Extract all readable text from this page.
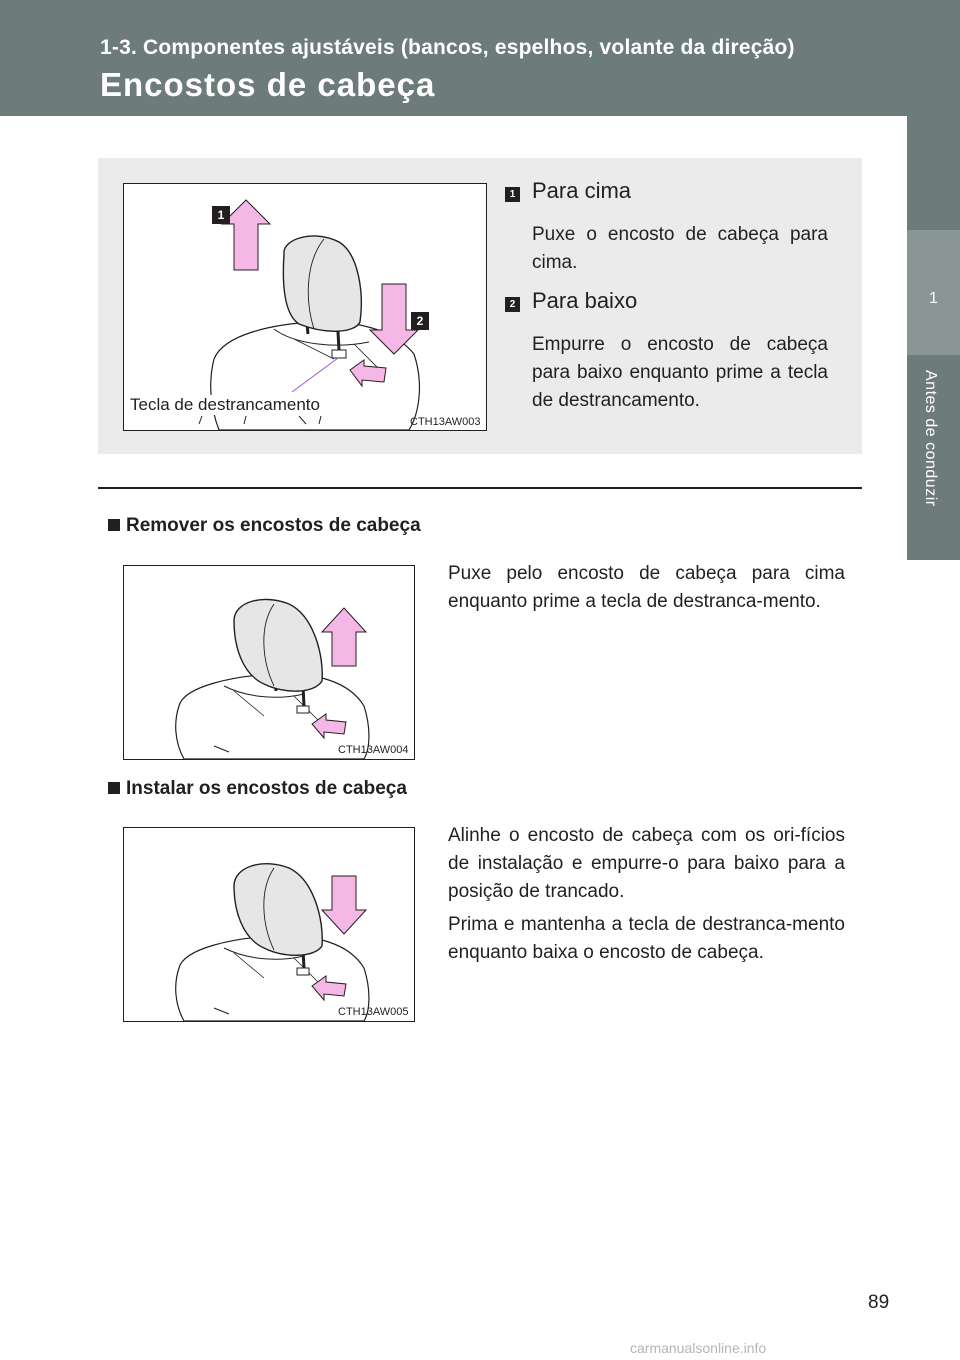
1-3. Componentes ajustáveis (bancos, espelhos, volante da direção)
Encostos de cabeça
1
Antes de conduzir
1
2
Tecla de destrancamento
CTH13AW003
1 Para cima
Puxe o encosto de cabeça para cima.
2 Para baixo
Empurre o encosto de cabeça para baixo enquanto prime a tecla de destrancamento.
Remover os encostos de cabeça
CTH13AW004
Puxe pelo encosto de cabeça para cima enquanto prime a tecla de destranca-mento.
Instalar os encostos de cabeça
CTH13AW005
Alinhe o encosto de cabeça com os ori-fícios de instalação e empurre-o para baixo para a posição de trancado.
Prima e mantenha a tecla de destranca-mento enquanto baixa o encosto de cabeça.
89
carmanualsonline.info
